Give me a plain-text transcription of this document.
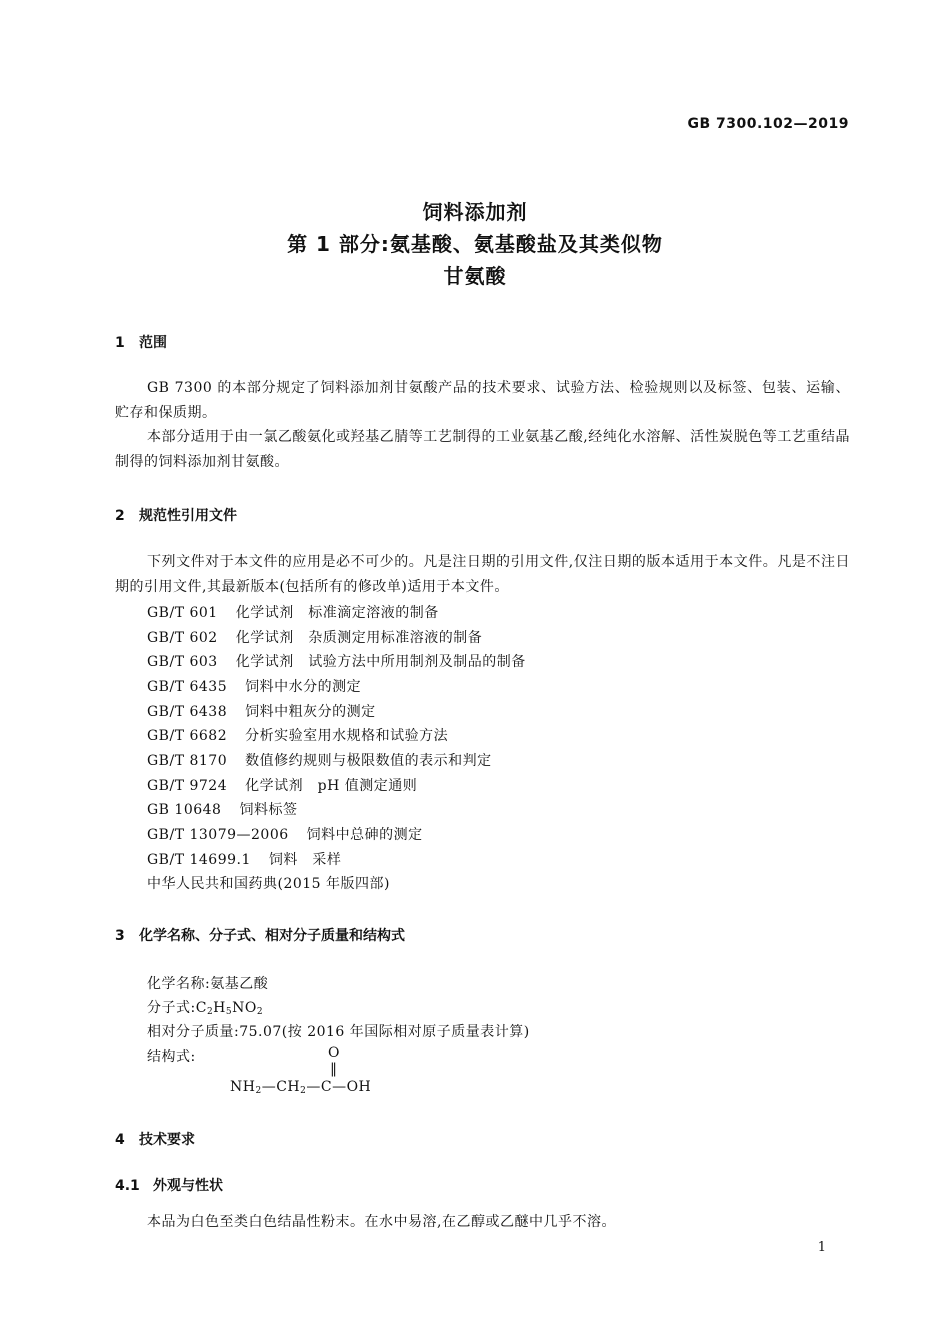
GB 7300.102—2019
饲料添加剂
第 1 部分:氨基酸、氨基酸盐及其类似物
甘氨酸
1 范围
GB 7300 的本部分规定了饲料添加剂甘氨酸产品的技术要求、试验方法、检验规则以及标签、包装、运输、贮存和保质期。
本部分适用于由一氯乙酸氨化或羟基乙腈等工艺制得的工业氨基乙酸,经纯化水溶解、活性炭脱色等工艺重结晶制得的饲料添加剂甘氨酸。
2 规范性引用文件
下列文件对于本文件的应用是必不可少的。凡是注日期的引用文件,仅注日期的版本适用于本文件。凡是不注日期的引用文件,其最新版本(包括所有的修改单)适用于本文件。
GB/T 601 化学试剂　标准滴定溶液的制备
GB/T 602 化学试剂　杂质测定用标准溶液的制备
GB/T 603 化学试剂　试验方法中所用制剂及制品的制备
GB/T 6435 饲料中水分的测定
GB/T 6438 饲料中粗灰分的测定
GB/T 6682 分析实验室用水规格和试验方法
GB/T 8170 数值修约规则与极限数值的表示和判定
GB/T 9724 化学试剂　pH 值测定通则
GB 10648 饲料标签
GB/T 13079—2006 饲料中总砷的测定
GB/T 14699.1 饲料　采样
中华人民共和国药典(2015 年版四部)
3 化学名称、分子式、相对分子质量和结构式
化学名称:氨基乙酸
分子式$:C_2H_5NO_2$
相对分子质量:75.07(按 2016 年国际相对原子质量表计算)
结构式:	O
‖
$NH_2—CH_2—C—OH$
4 技术要求
4.1 外观与性状
本品为白色至类白色结晶性粉末。在水中易溶,在乙醇或乙醚中几乎不溶。
1
